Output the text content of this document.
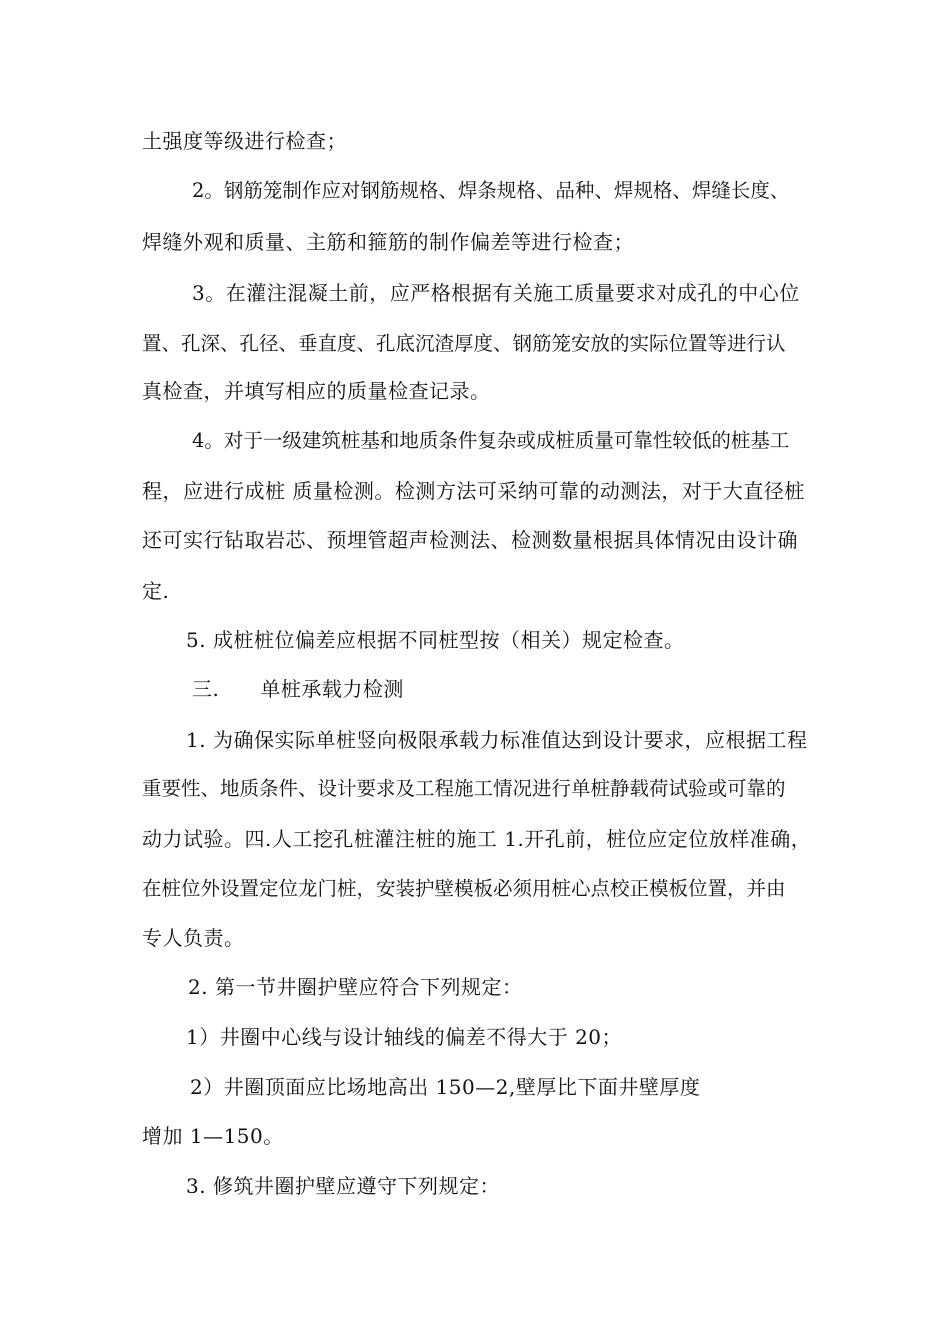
土强度等级进行检查；
2。钢筋笼制作应对钢筋规格、焊条规格、品种、焊规格、焊缝长度、
焊缝外观和质量、主筋和箍筋的制作偏差等进行检查；
3。在灌注混凝土前，应严格根据有关施工质量要求对成孔的中心位
置、孔深、孔径、垂直度、孔底沉渣厚度、钢筋笼安放的实际位置等进行认
真检查，并填写相应的质量检查记录。
4。对于一级建筑桩基和地质条件复杂或成桩质量可靠性较低的桩基工
程，应进行成桩 质量检测。检测方法可采纳可靠的动测法，对于大直径桩
还可实行钻取岩芯、预埋管超声检测法、检测数量根据具体情况由设计确
定.
5. 成桩桩位偏差应根据不同桩型按（相关）规定检查。
三.　　单桩承载力检测
1. 为确保实际单桩竖向极限承载力标准值达到设计要求，应根据工程
重要性、地质条件、设计要求及工程施工情况进行单桩静载荷试验或可靠的
动力试验。四.人工挖孔桩灌注桩的施工 1.开孔前，桩位应定位放样准确，
在桩位外设置定位龙门桩，安装护壁模板必须用桩心点校正模板位置，并由
专人负责。
2. 第一节井圈护壁应符合下列规定：
1）井圈中心线与设计轴线的偏差不得大于 20；
2）井圈顶面应比场地高出 150—2,壁厚比下面井壁厚度
增加 1—150。
3. 修筑井圈护壁应遵守下列规定：
